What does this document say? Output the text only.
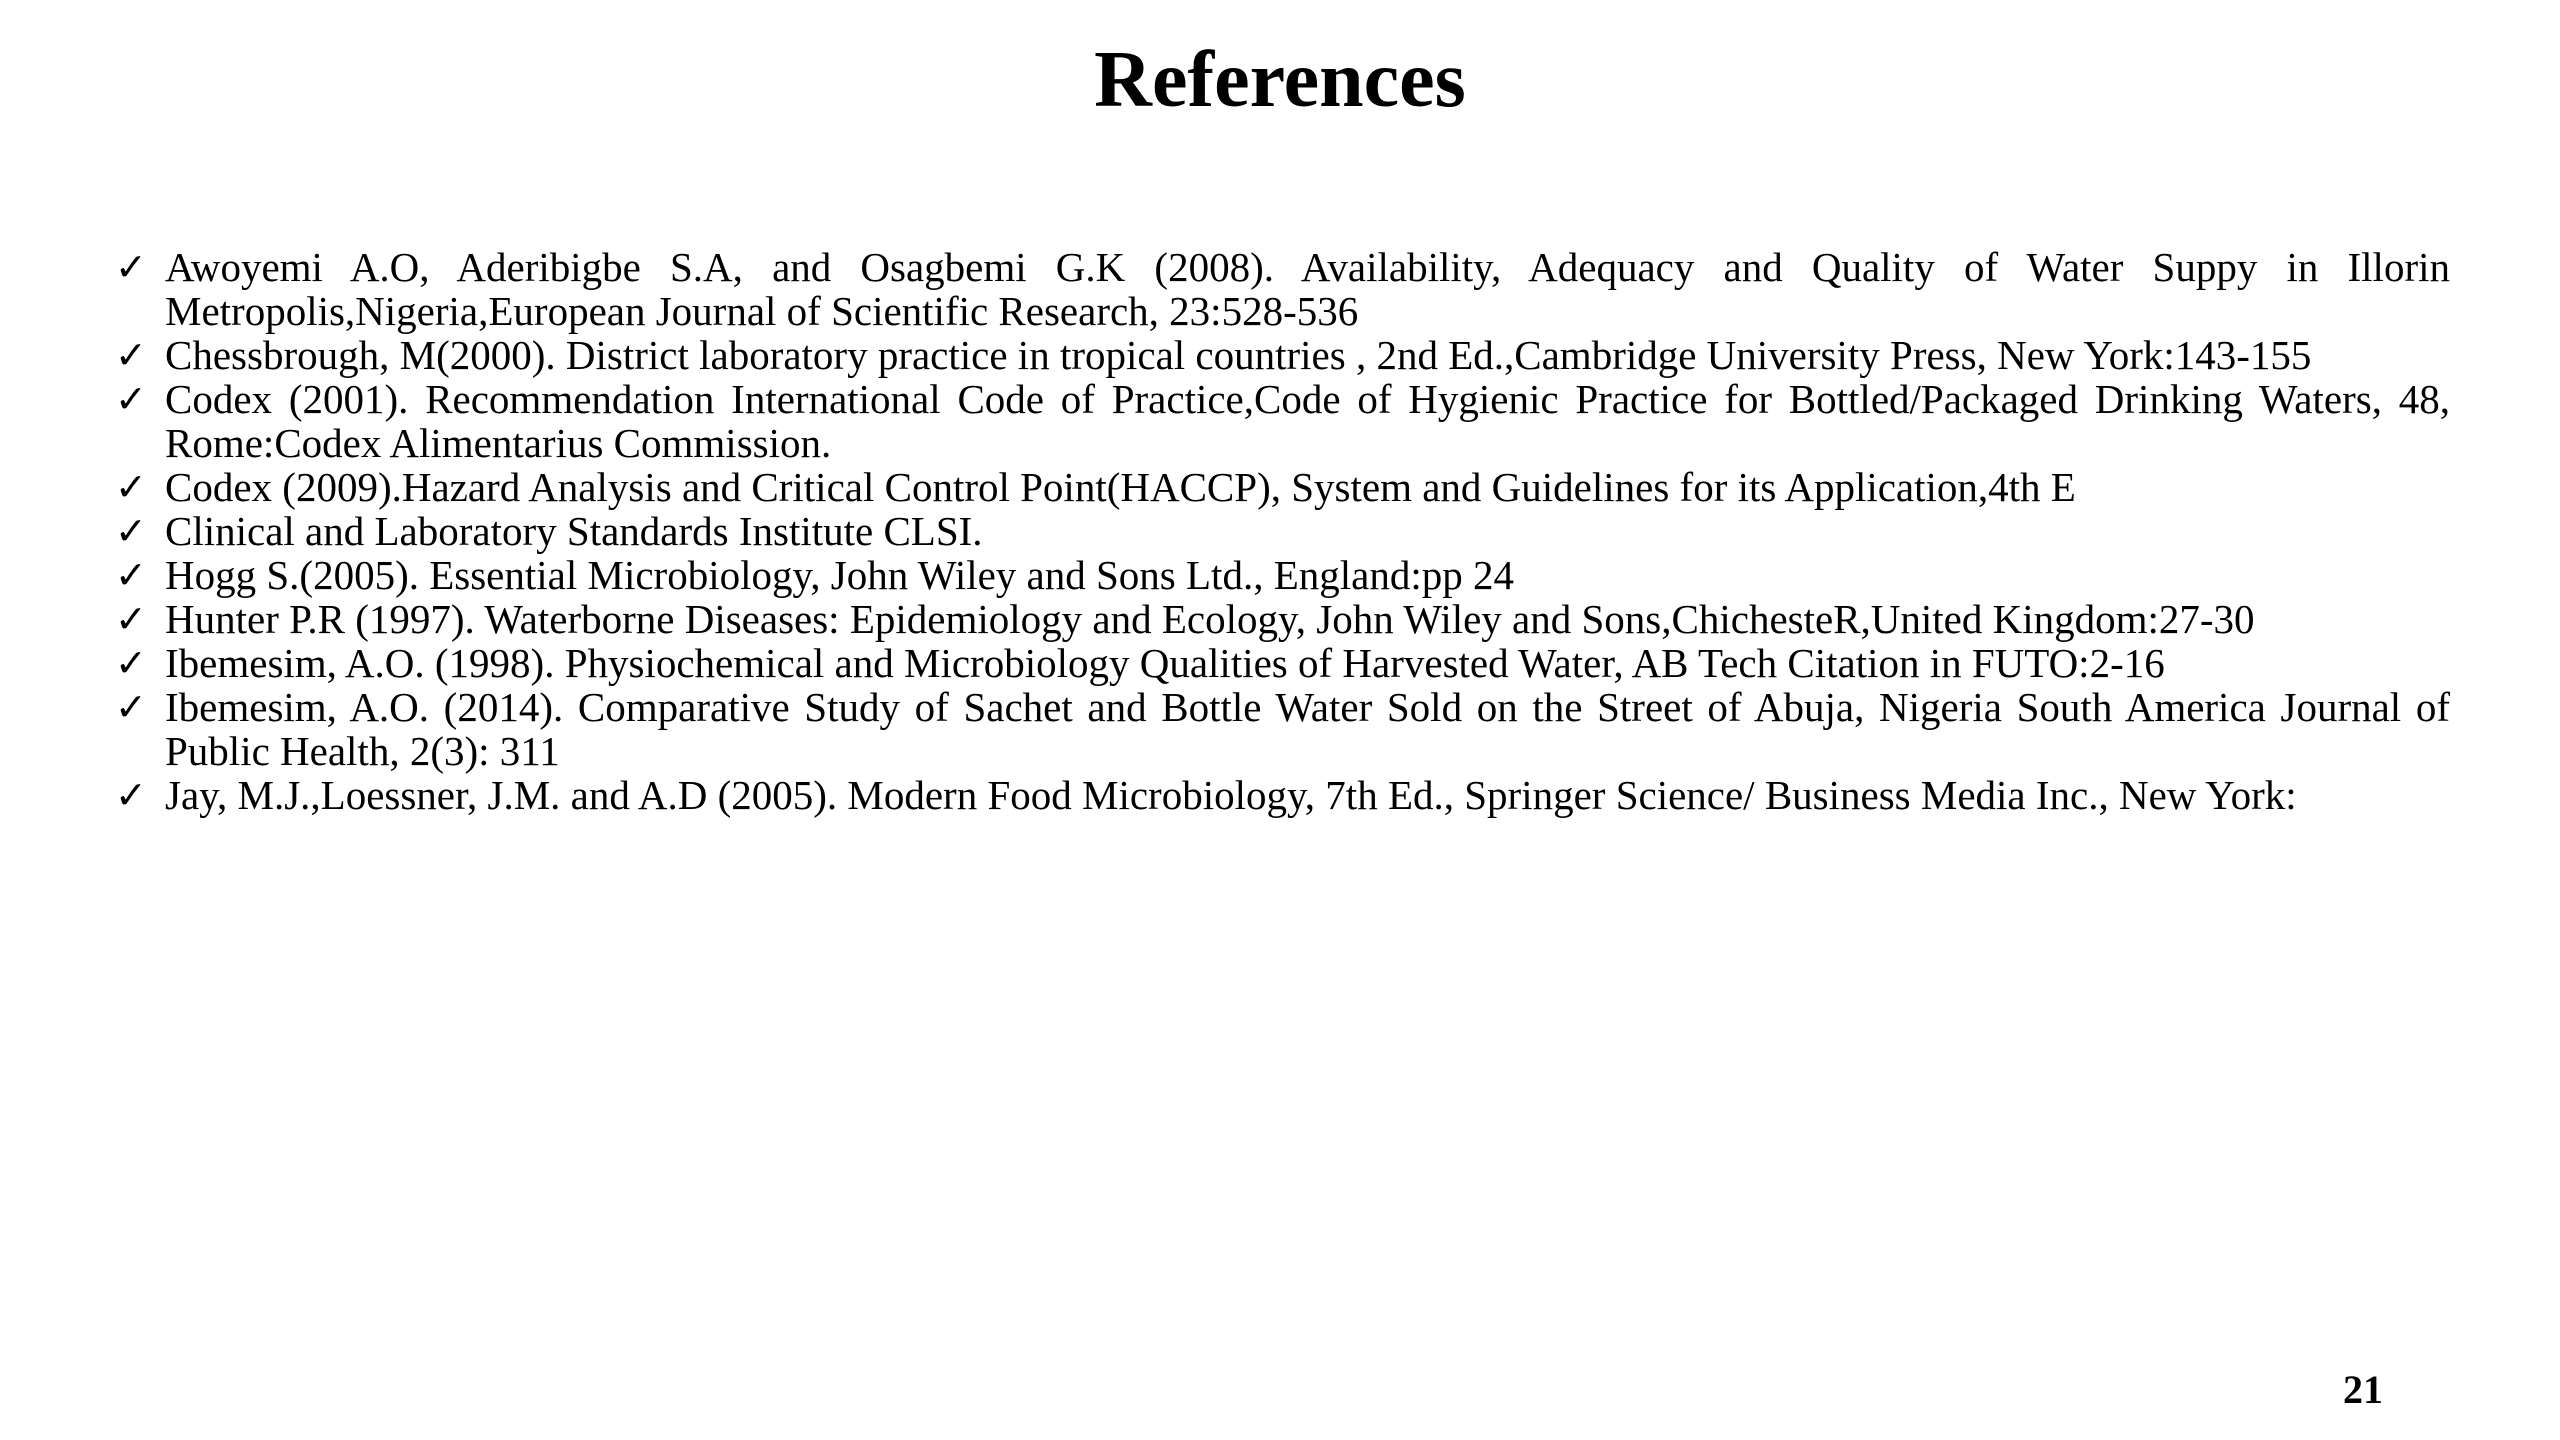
References
✓ Awoyemi A.O, Aderibigbe S.A, and Osagbemi G.K (2008). Availability, Adequacy and Quality of Water Suppy in Illorin Metropolis,Nigeria,European Journal of Scientific Research, 23:528-536
✓ Chessbrough, M(2000). District laboratory practice in tropical countries , 2nd Ed.,Cambridge University Press, New York:143-155
✓ Codex (2001). Recommendation International Code of Practice,Code of Hygienic Practice for Bottled/Packaged Drinking Waters, 48, Rome:Codex Alimentarius Commission.
✓ Codex (2009).Hazard Analysis and Critical Control Point(HACCP), System and Guidelines for its Application,4th E
✓ Clinical and Laboratory Standards Institute CLSI.
✓ Hogg S.(2005). Essential Microbiology, John Wiley and Sons Ltd., England:pp 24
✓ Hunter P.R (1997). Waterborne Diseases: Epidemiology and Ecology, John Wiley and Sons,ChichesteR,United Kingdom:27-30
✓ Ibemesim, A.O. (1998). Physiochemical and Microbiology Qualities of Harvested Water, AB Tech Citation in FUTO:2-16
✓ Ibemesim, A.O. (2014). Comparative Study of Sachet and Bottle Water Sold on the Street of Abuja, Nigeria South America Journal of Public Health, 2(3): 311
✓ Jay, M.J.,Loessner, J.M. and A.D (2005). Modern Food Microbiology, 7th Ed., Springer Science/ Business Media Inc., New York:
21
